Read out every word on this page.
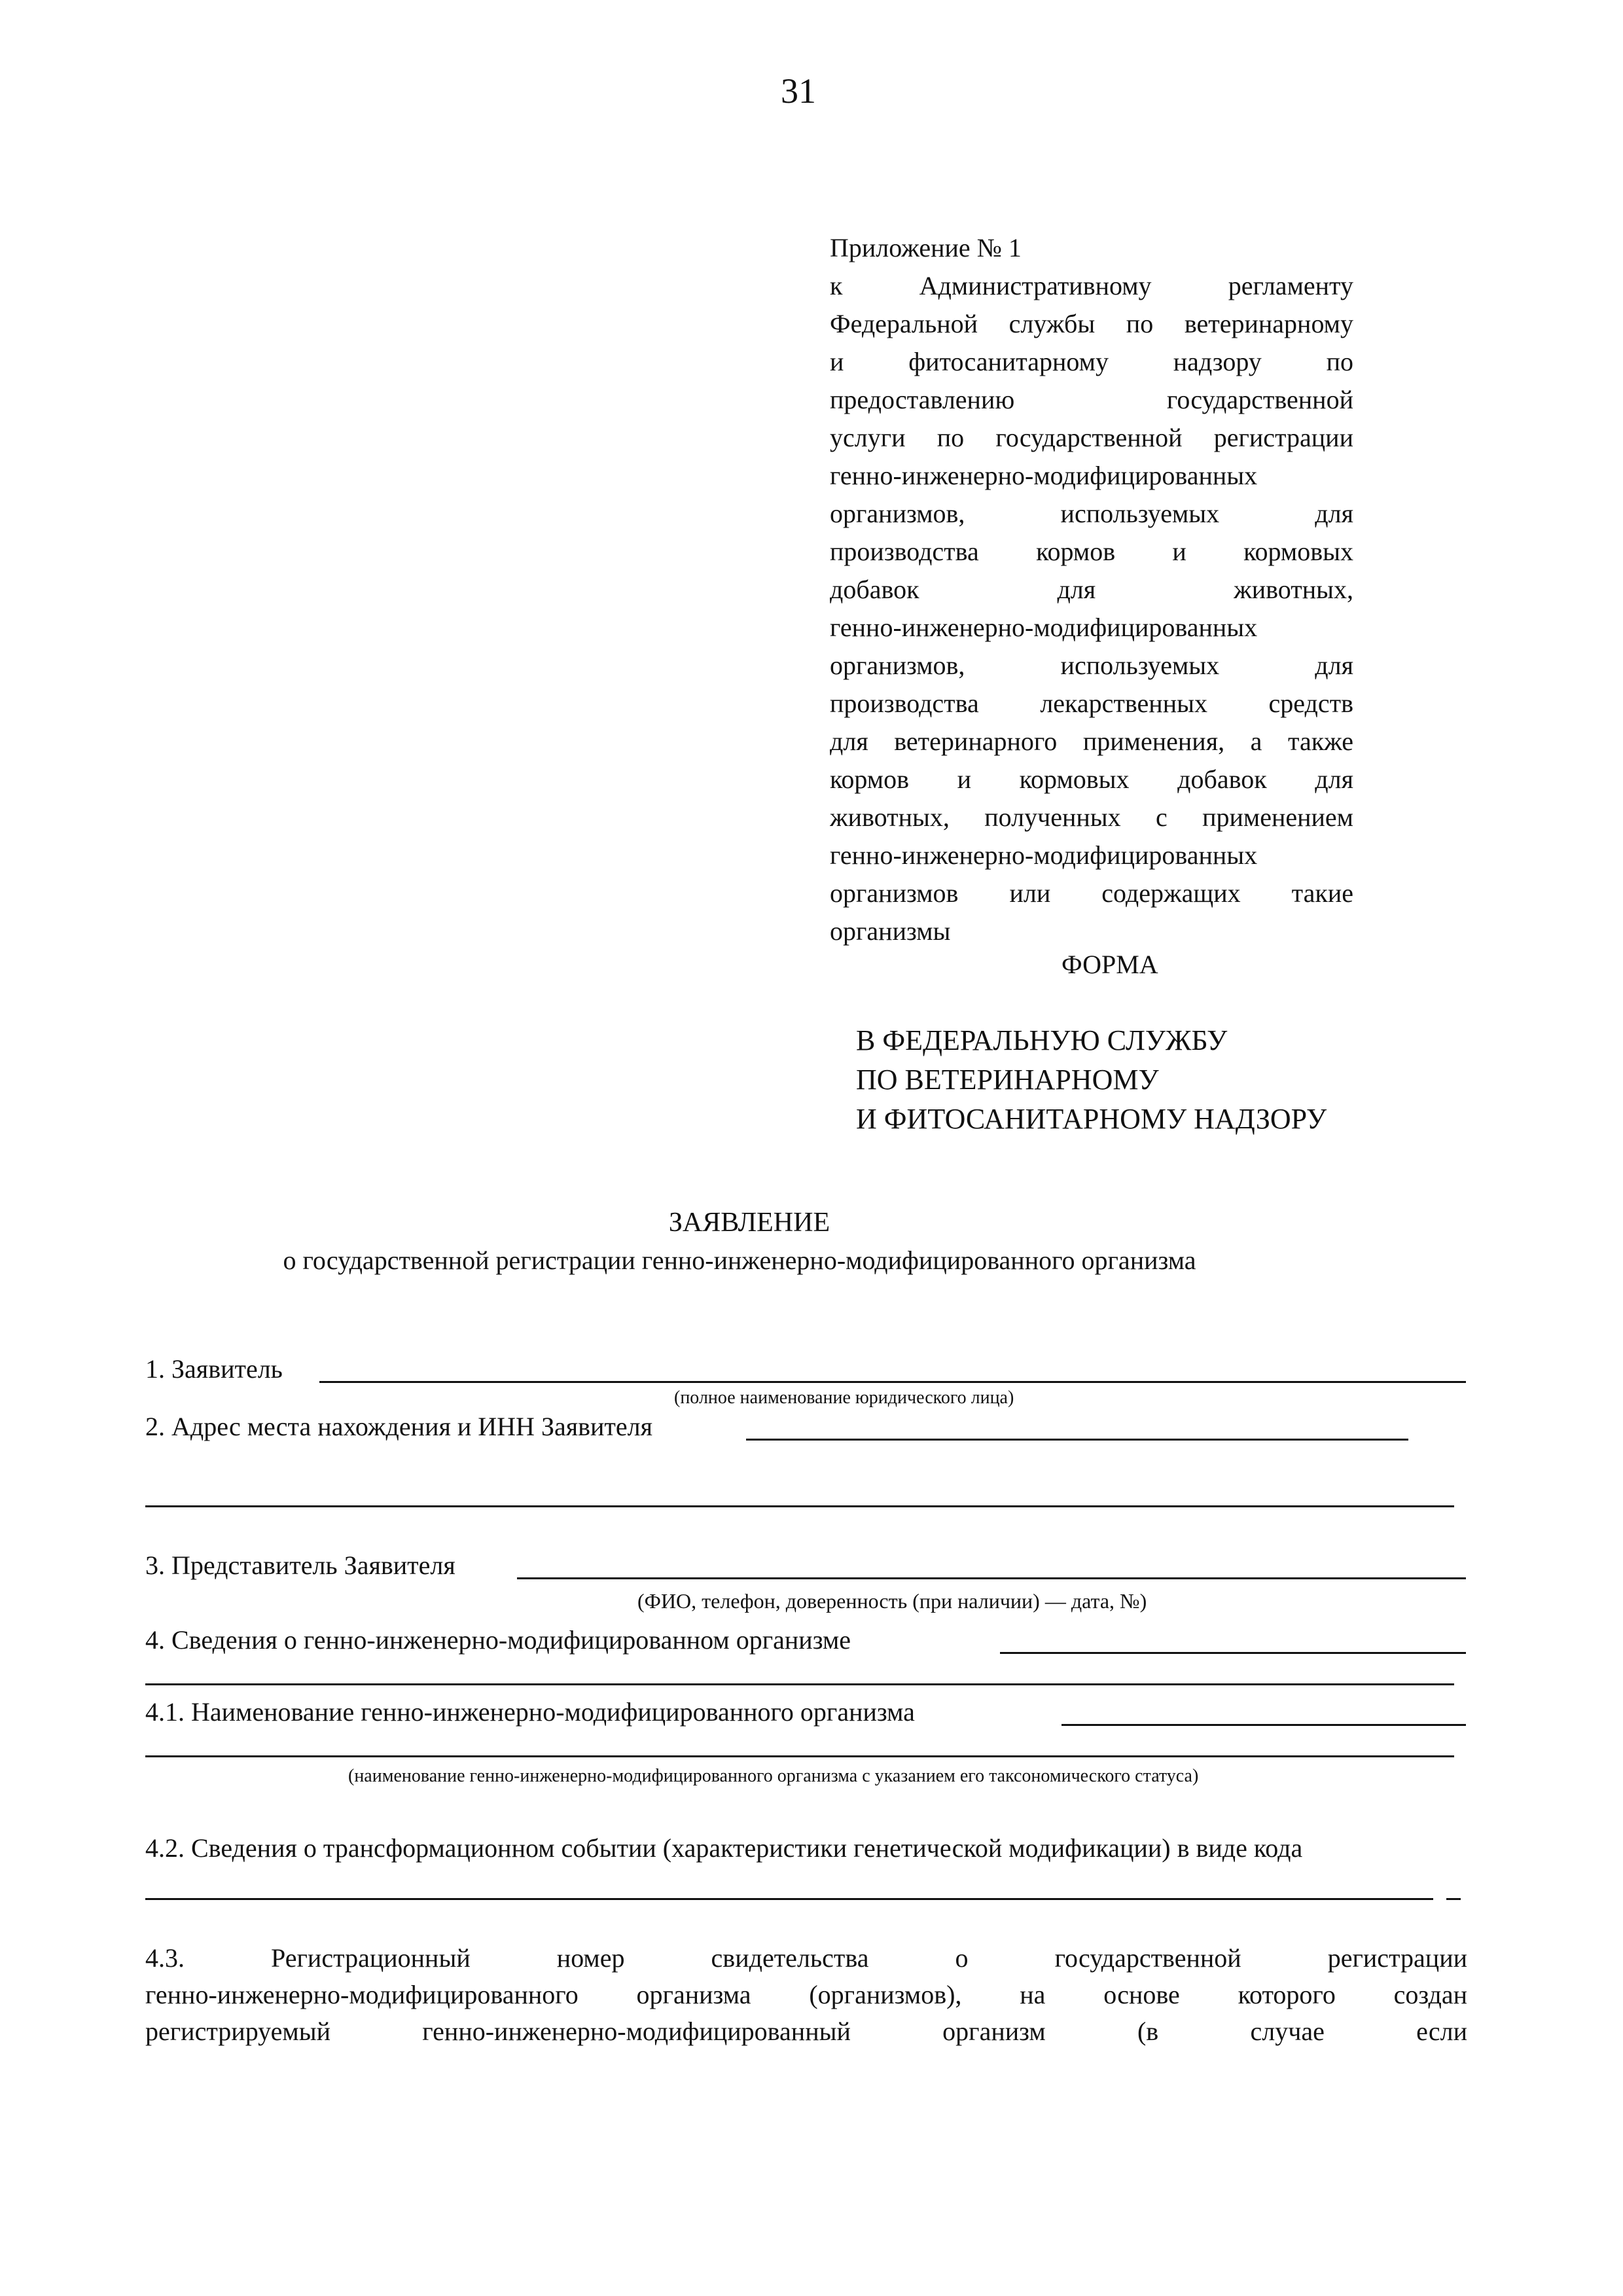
31
Приложение № 1
к Административному регламенту
Федеральной службы по ветеринарному
и фитосанитарному надзору по
предоставлению государственной
услуги по государственной регистрации
генно-инженерно-модифицированных
организмов, используемых для
производства кормов и кормовых
добавок для животных,
генно-инженерно-модифицированных
организмов, используемых для
производства лекарственных средств
для ветеринарного применения, а также
кормов и кормовых добавок для
животных, полученных с применением
генно-инженерно-модифицированных
организмов или содержащих такие
организмы
ФОРМА
В ФЕДЕРАЛЬНУЮ СЛУЖБУ
ПО ВЕТЕРИНАРНОМУ
И ФИТОСАНИТАРНОМУ НАДЗОРУ
ЗАЯВЛЕНИЕ
о государственной регистрации генно-инженерно-модифицированного организма
1. Заявитель
(полное наименование юридического лица)
2. Адрес места нахождения и ИНН Заявителя
3. Представитель Заявителя
(ФИО, телефон, доверенность (при наличии) — дата, №)
4. Сведения о генно-инженерно-модифицированном организме
4.1. Наименование генно-инженерно-модифицированного организма
(наименование генно-инженерно-модифицированного организма с указанием его таксономического статуса)
4.2. Сведения о трансформационном событии (характеристики генетической модификации) в виде кода
4.3. Регистрационный номер свидетельства о государственной регистрации
генно-инженерно-модифицированного организма (организмов), на основе которого создан
регистрируемый генно-инженерно-модифицированный организм (в случае если
